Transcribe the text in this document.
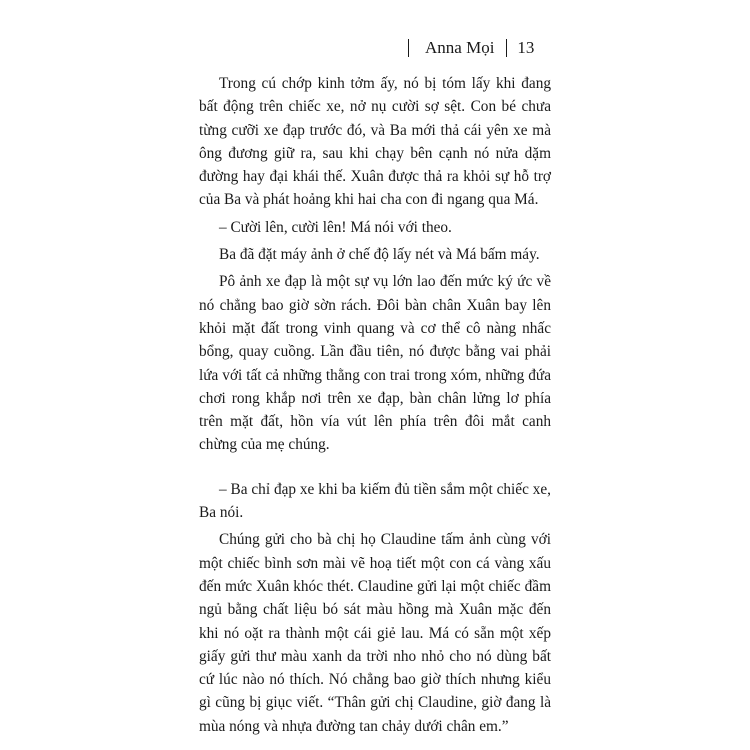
Anna Mọi 13

Trong cú chớp kinh tởm ấy, nó bị tóm lấy khi đang bất động trên chiếc xe, nở nụ cười sợ sệt. Con bé chưa từng cưỡi xe đạp trước đó, và Ba mới thả cái yên xe mà ông đương giữ ra, sau khi chạy bên cạnh nó nửa dặm đường hay đại khái thế. Xuân được thả ra khỏi sự hỗ trợ của Ba và phát hoảng khi hai cha con đi ngang qua Má.

– Cười lên, cười lên! Má nói với theo.

Ba đã đặt máy ảnh ở chế độ lấy nét và Má bấm máy.

Pô ảnh xe đạp là một sự vụ lớn lao đến mức ký ức về nó chẳng bao giờ sờn rách. Đôi bàn chân Xuân bay lên khỏi mặt đất trong vinh quang và cơ thể cô nàng nhấc bổng, quay cuồng. Lần đầu tiên, nó được bằng vai phải lứa với tất cả những thằng con trai trong xóm, những đứa chơi rong khắp nơi trên xe đạp, bàn chân lửng lơ phía trên mặt đất, hồn vía vút lên phía trên đôi mắt canh chừng của mẹ chúng.

– Ba chỉ đạp xe khi ba kiếm đủ tiền sắm một chiếc xe, Ba nói.

Chúng gửi cho bà chị họ Claudine tấm ảnh cùng với một chiếc bình sơn mài vẽ hoạ tiết một con cá vàng xấu đến mức Xuân khóc thét. Claudine gửi lại một chiếc đầm ngủ bằng chất liệu bó sát màu hồng mà Xuân mặc đến khi nó oặt ra thành một cái giẻ lau. Má có sẵn một xếp giấy gửi thư màu xanh da trời nho nhỏ cho nó dùng bất cứ lúc nào nó thích. Nó chẳng bao giờ thích nhưng kiểu gì cũng bị giục viết. “Thân gửi chị Claudine, giờ đang là mùa nóng và nhựa đường tan chảy dưới chân em.”
